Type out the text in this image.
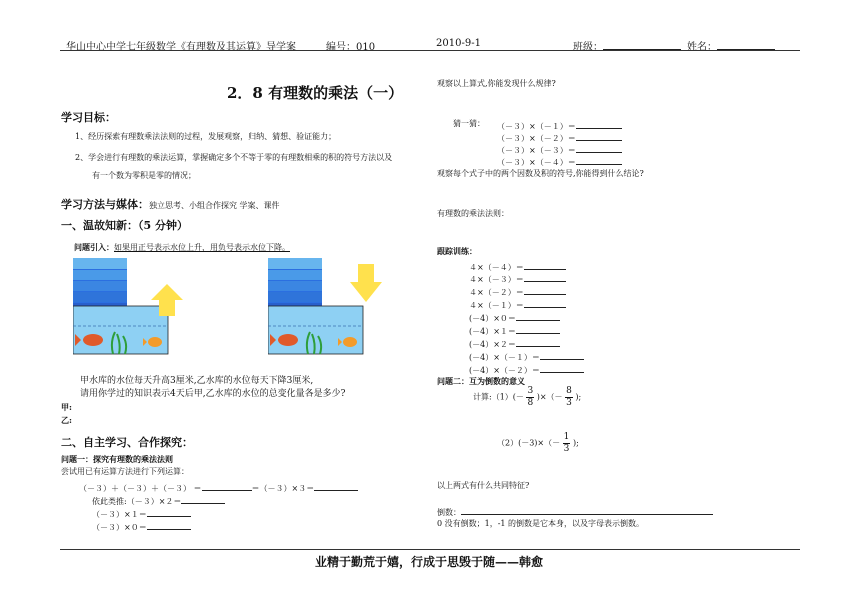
华山中心中学七年级数学《有理数及其运算》导学案	编号：010	2010-9-1	班级：	姓名：
2．8 有理数的乘法（一）
学习目标：
1、经历探索有理数乘法法则的过程，发展观察，归纳、猜想、验证能力；
2、学会进行有理数的乘法运算，掌握确定多个不等于零的有理数相乘的积的符号方法以及
有一个数为零积是零的情况；
学习方法与媒体：独立思考、小组合作探究 学案、课件
一、温故知新：（5 分钟）
问题引入：如果用正号表示水位上升，用负号表示水位下降。
甲水库的水位每天升高3厘米,乙水库的水位每天下降3厘米,
请用你学过的知识表示4天后甲,乙水库的水位的总变化量各是多少?
甲:
乙:
二、自主学习、合作探究：
问题一：探究有理数的乘法法则
尝试用已有运算方法进行下列运算：
（－３）＋（－３）＋（－３） ＝	＝（－３）×３＝
依此类推:（－３）×２＝
（－３）×１＝
（－３）×０＝
观察以上算式,你能发现什么规律?
猜一猜： （－３）×（－１）＝
（－３）×（－２）＝
（－３）×（－３）＝
（－３）×（－４）＝
观察每个式子中的两个因数及积的符号,你能得到什么结论?
有理数的乘法法则：
跟踪训练：
４×（－４）＝
４×（－３）＝
４×（－２）＝
４×（－１）＝
(－4）×０＝
(－4）×１＝
(－4）×２＝
(－4）×（－１）＝
(－4）×（－２）＝
问题二：互为倒数的意义
计算:（1）(－ $\frac{3}{8}$ )×（－ $\frac{8}{3}$ );
$(2)(-3)\times(- \frac{1}{3}$ );
以上两式有什么共同特征?
倒数：
0 没有倒数；1，-1 的倒数是它本身，以及字母表示倒数。
业精于勤荒于嬉，行成于思毁于随——韩愈
